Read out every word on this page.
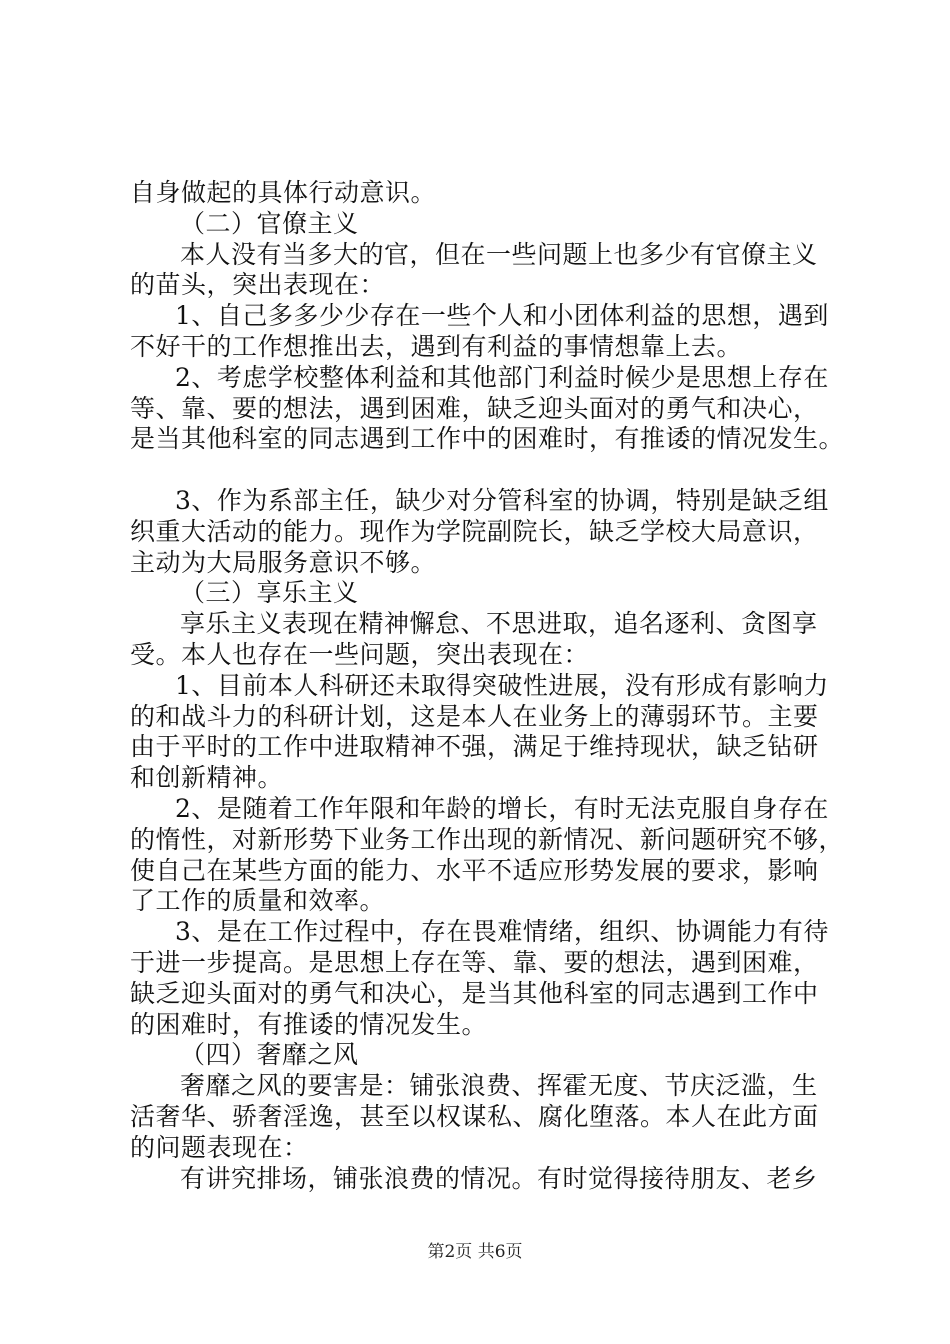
自身做起的具体行动意识。
（二）官僚主义
本人没有当多大的官，但在一些问题上也多少有官僚主义
的苗头，突出表现在：
1、自己多多少少存在一些个人和小团体利益的思想，遇到
不好干的工作想推出去，遇到有利益的事情想靠上去。
2、考虑学校整体利益和其他部门利益时候少是思想上存在
等、靠、要的想法，遇到困难，缺乏迎头面对的勇气和决心，
是当其他科室的同志遇到工作中的困难时，有推诿的情况发生。
3、作为系部主任，缺少对分管科室的协调，特别是缺乏组
织重大活动的能力。现作为学院副院长，缺乏学校大局意识，
主动为大局服务意识不够。
（三）享乐主义
享乐主义表现在精神懈怠、不思进取，追名逐利、贪图享
受。本人也存在一些问题，突出表现在：
1、目前本人科研还未取得突破性进展，没有形成有影响力
的和战斗力的科研计划，这是本人在业务上的薄弱环节。主要
由于平时的工作中进取精神不强，满足于维持现状，缺乏钻研
和创新精神。
2、是随着工作年限和年龄的增长，有时无法克服自身存在
的惰性，对新形势下业务工作出现的新情况、新问题研究不够，
使自己在某些方面的能力、水平不适应形势发展的要求，影响
了工作的质量和效率。
3、是在工作过程中，存在畏难情绪，组织、协调能力有待
于进一步提高。是思想上存在等、靠、要的想法，遇到困难，
缺乏迎头面对的勇气和决心，是当其他科室的同志遇到工作中
的困难时，有推诿的情况发生。
（四）奢靡之风
奢靡之风的要害是：铺张浪费、挥霍无度、节庆泛滥，生
活奢华、骄奢淫逸，甚至以权谋私、腐化堕落。本人在此方面
的问题表现在：
有讲究排场，铺张浪费的情况。有时觉得接待朋友、老乡
第2页 共6页
